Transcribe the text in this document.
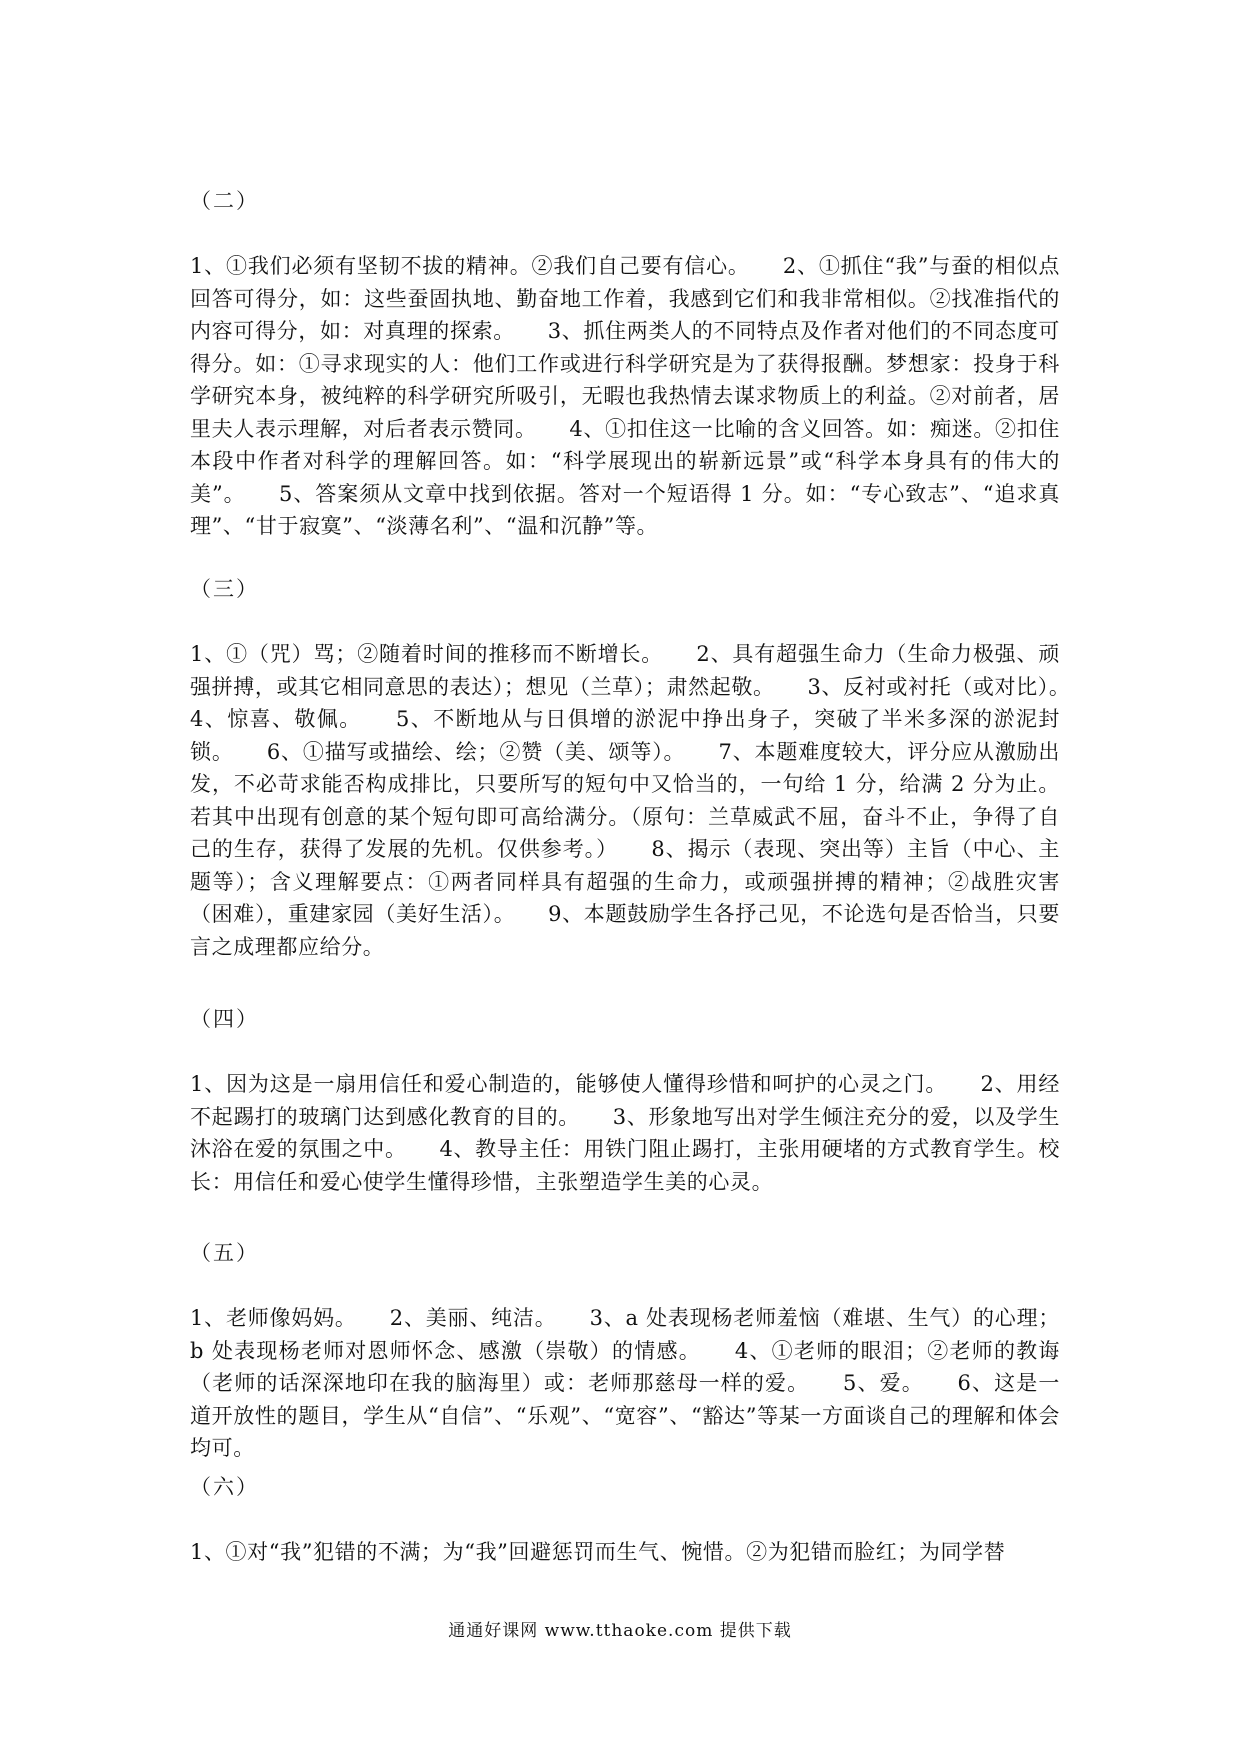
（二）

1、①我们必须有坚韧不拔的精神。②我们自己要有信心。　　2、①抓住“我”与蚕的相似点回答可得分，如：这些蚕固执地、勤奋地工作着，我感到它们和我非常相似。②找准指代的内容可得分，如：对真理的探索。　　3、抓住两类人的不同特点及作者对他们的不同态度可得分。如：①寻求现实的人：他们工作或进行科学研究是为了获得报酬。梦想家：投身于科学研究本身，被纯粹的科学研究所吸引，无暇也我热情去谋求物质上的利益。②对前者，居里夫人表示理解，对后者表示赞同。　　4、①扣住这一比喻的含义回答。如：痴迷。②扣住本段中作者对科学的理解回答。如：“科学展现出的崭新远景”或“科学本身具有的伟大的美”。　　5、答案须从文章中找到依据。答对一个短语得 1 分。如：“专心致志”、“追求真理”、“甘于寂寞”、“淡薄名利”、“温和沉静”等。

（三）

1、①（咒）骂；②随着时间的推移而不断增长。　　2、具有超强生命力（生命力极强、顽强拼搏，或其它相同意思的表达）；想见（兰草）；肃然起敬。　　3、反衬或衬托（或对比）。　　4、惊喜、敬佩。　　5、不断地从与日俱增的淤泥中挣出身子，突破了半米多深的淤泥封锁。　　6、①描写或描绘、绘；②赞（美、颂等）。　　7、本题难度较大，评分应从激励出发，不必苛求能否构成排比，只要所写的短句中又恰当的，一句给 1 分，给满 2 分为止。若其中出现有创意的某个短句即可高给满分。（原句：兰草威武不屈，奋斗不止，争得了自己的生存，获得了发展的先机。仅供参考。）　　8、揭示（表现、突出等）主旨（中心、主题等）；含义理解要点：①两者同样具有超强的生命力，或顽强拼搏的精神；②战胜灾害（困难），重建家园（美好生活）。　　9、本题鼓励学生各抒己见，不论选句是否恰当，只要言之成理都应给分。

（四）

1、因为这是一扇用信任和爱心制造的，能够使人懂得珍惜和呵护的心灵之门。　　2、用经不起踢打的玻璃门达到感化教育的目的。　　3、形象地写出对学生倾注充分的爱，以及学生沐浴在爱的氛围之中。　　4、教导主任：用铁门阻止踢打，主张用硬堵的方式教育学生。校长：用信任和爱心使学生懂得珍惜，主张塑造学生美的心灵。

（五）

1、老师像妈妈。　　2、美丽、纯洁。　　3、a 处表现杨老师羞恼（难堪、生气）的心理；b 处表现杨老师对恩师怀念、感激（崇敬）的情感。　　4、①老师的眼泪；②老师的教诲（老师的话深深地印在我的脑海里）或：老师那慈母一样的爱。　　5、爱。　　6、这是一道开放性的题目，学生从“自信”、“乐观”、“宽容”、“豁达”等某一方面谈自己的理解和体会均可。

（六）

1、①对“我”犯错的不满；为“我”回避惩罚而生气、惋惜。②为犯错而脸红；为同学替

通通好课网 www.tthaoke.com 提供下载
